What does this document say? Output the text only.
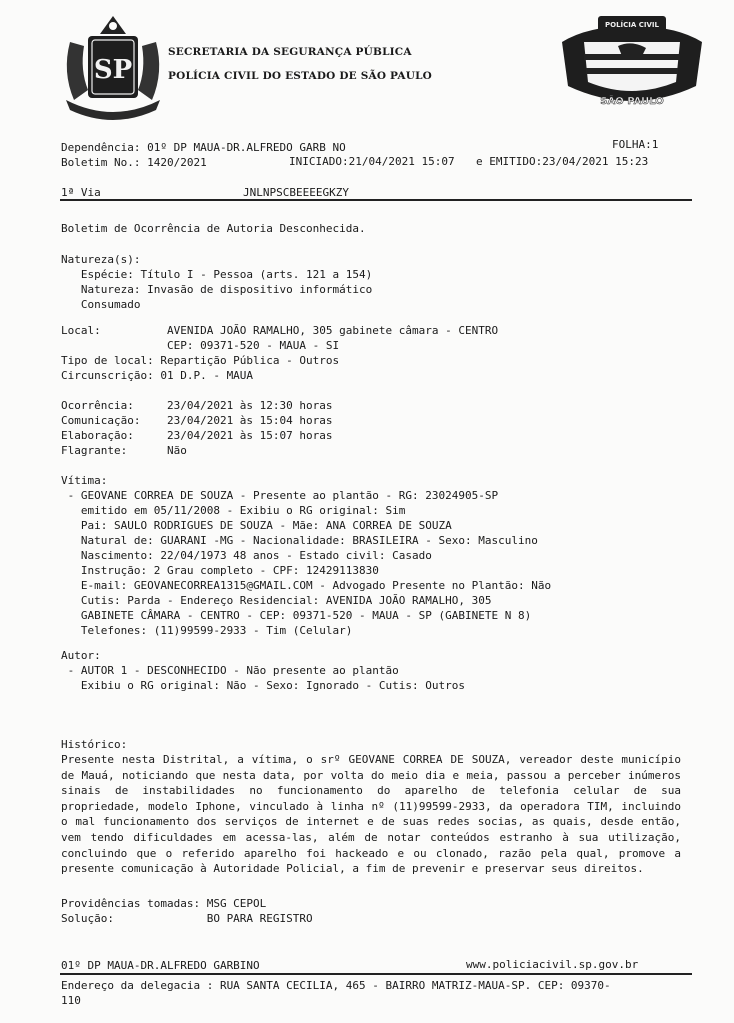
SP
SECRETARIA DA SEGURANÇA PÚBLICA
POLÍCIA CIVIL DO ESTADO DE SÃO PAULO
POLÍCIA CIVIL
SÃO PAULO
Dependência: 01º DP MAUA-DR.ALFREDO GARB NO	FOLHA:1
Boletim No.: 1420/2021	INICIADO:21/04/2021 15:07 e EMITIDO:23/04/2021 15:23
1ª Via	JNLNPSCBEEEEGKZY
Boletim de Ocorrência de Autoria Desconhecida.
Natureza(s):
Espécie: Título I - Pessoa (arts. 121 a 154)
Natureza: Invasão de dispositivo informático
Consumado
Local:          AVENIDA JOÃO RAMALHO, 305 gabinete câmara - CENTRO
CEP: 09371-520 - MAUA - SI
Tipo de local: Repartição Pública - Outros
Circunscrição: 01 D.P. - MAUA
Ocorrência:     23/04/2021 às 12:30 horas
Comunicação:    23/04/2021 às 15:04 horas
Elaboração:     23/04/2021 às 15:07 horas
Flagrante:      Não
Vítima:
- GEOVANE CORREA DE SOUZA - Presente ao plantão - RG: 23024905-SP
emitido em 05/11/2008 - Exibiu o RG original: Sim
Pai: SAULO RODRIGUES DE SOUZA - Mãe: ANA CORREA DE SOUZA
Natural de: GUARANI -MG - Nacionalidade: BRASILEIRA - Sexo: Masculino
Nascimento: 22/04/1973 48 anos - Estado civil: Casado
Instrução: 2 Grau completo - CPF: 12429113830
E-mail: GEOVANECORREA1315@GMAIL.COM - Advogado Presente no Plantão: Não
Cutis: Parda - Endereço Residencial: AVENIDA JOÃO RAMALHO, 305
GABINETE CÂMARA - CENTRO - CEP: 09371-520 - MAUA - SP (GABINETE N 8)
Telefones: (11)99599-2933 - Tim (Celular)
Autor:
- AUTOR 1 - DESCONHECIDO - Não presente ao plantão
Exibiu o RG original: Não - Sexo: Ignorado - Cutis: Outros
Histórico:
Presente nesta Distrital, a vítima, o srº GEOVANE CORREA DE SOUZA, vereador deste município de Mauá, noticiando que nesta data, por volta do meio dia e meia, passou a perceber inúmeros sinais de instabilidades no funcionamento do aparelho de telefonia celular de sua propriedade, modelo Iphone, vinculado à linha nº (11)99599-2933, da operadora TIM, incluindo o mal funcionamento dos serviços de internet e de suas redes socias, as quais, desde então, vem tendo dificuldades em acessa-las, além de notar conteúdos estranho à sua utilização, concluindo que o referido aparelho foi hackeado e ou clonado, razão pela qual, promove a presente comunicação à Autoridade Policial, a fim de prevenir e preservar seus direitos.
Providências tomadas: MSG CEPOL
Solução:              BO PARA REGISTRO
01º DP MAUA-DR.ALFREDO GARBINO	www.policiacivil.sp.gov.br
Endereço da delegacia : RUA SANTA CECILIA, 465 - BAIRRO MATRIZ-MAUA-SP. CEP: 09370-
110
